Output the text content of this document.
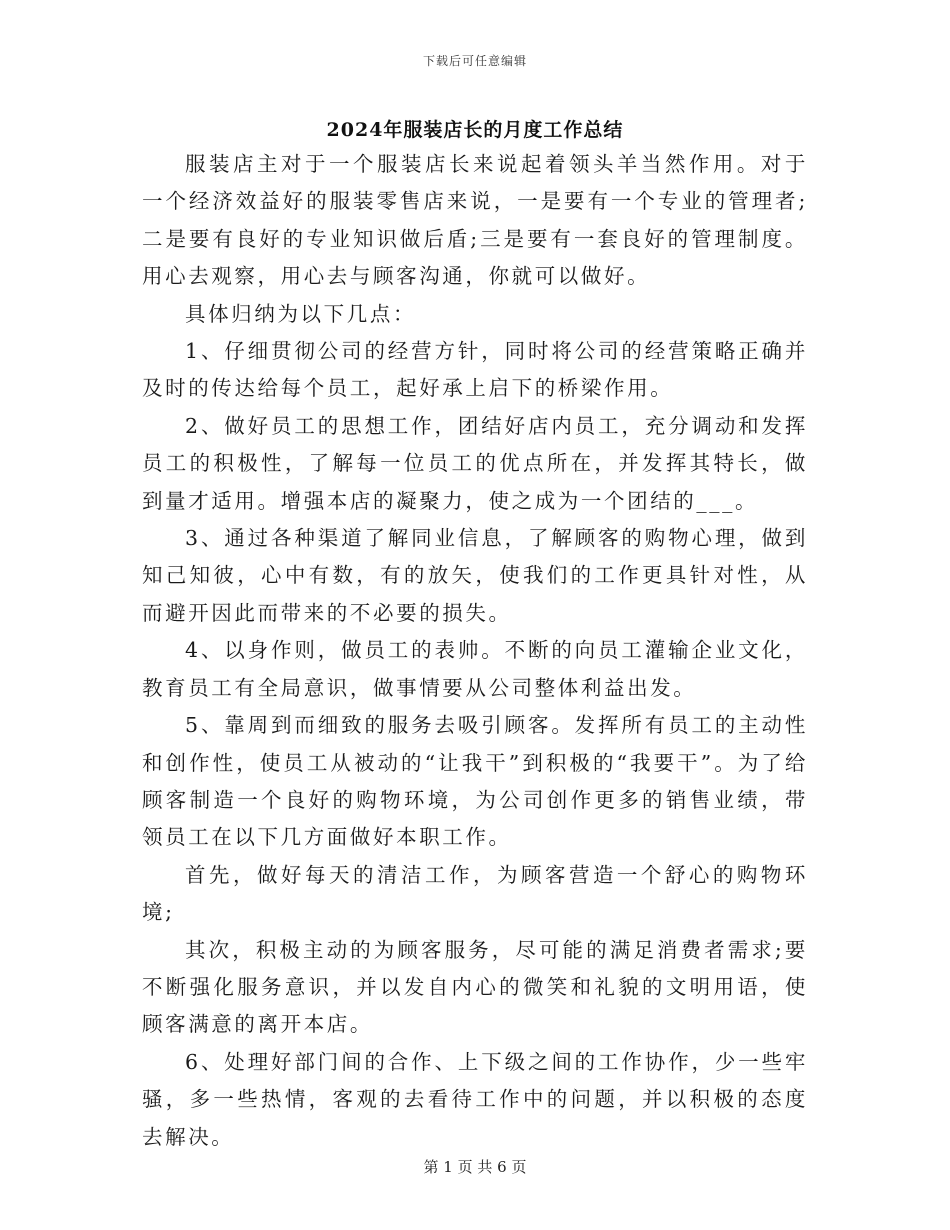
下载后可任意编辑
2024年服装店长的月度工作总结

服装店主对于一个服装店长来说起着领头羊当然作用。对于一个经济效益好的服装零售店来说，一是要有一个专业的管理者;二是要有良好的专业知识做后盾;三是要有一套良好的管理制度。用心去观察，用心去与顾客沟通，你就可以做好。

具体归纳为以下几点：

1、仔细贯彻公司的经营方针，同时将公司的经营策略正确并及时的传达给每个员工，起好承上启下的桥梁作用。

2、做好员工的思想工作，团结好店内员工，充分调动和发挥员工的积极性，了解每一位员工的优点所在，并发挥其特长，做到量才适用。增强本店的凝聚力，使之成为一个团结的___。

3、通过各种渠道了解同业信息，了解顾客的购物心理，做到知己知彼，心中有数，有的放矢，使我们的工作更具针对性，从而避开因此而带来的不必要的损失。

4、以身作则，做员工的表帅。不断的向员工灌输企业文化，教育员工有全局意识，做事情要从公司整体利益出发。

5、靠周到而细致的服务去吸引顾客。发挥所有员工的主动性和创作性，使员工从被动的“让我干”到积极的“我要干”。为了给顾客制造一个良好的购物环境，为公司创作更多的销售业绩，带领员工在以下几方面做好本职工作。

首先，做好每天的清洁工作，为顾客营造一个舒心的购物环境;

其次，积极主动的为顾客服务，尽可能的满足消费者需求;要不断强化服务意识，并以发自内心的微笑和礼貌的文明用语，使顾客满意的离开本店。

6、处理好部门间的合作、上下级之间的工作协作，少一些牢骚，多一些热情，客观的去看待工作中的问题，并以积极的态度去解决。

第 1 页 共 6 页
